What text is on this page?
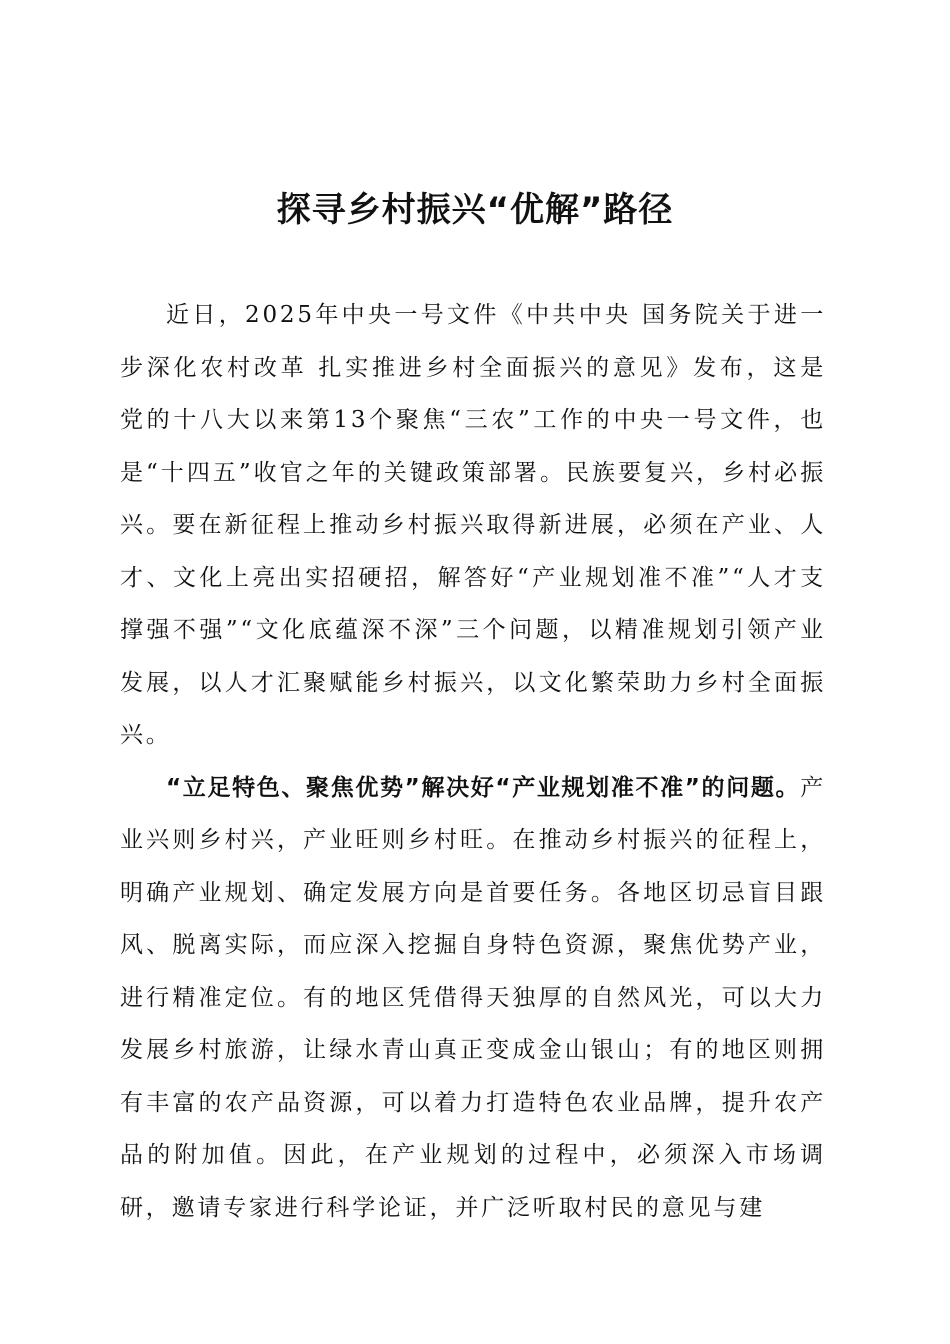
探寻乡村振兴“优解”路径

近日，2025年中央一号文件《中共中央 国务院关于进一步深化农村改革 扎实推进乡村全面振兴的意见》发布，这是党的十八大以来第13个聚焦“三农”工作的中央一号文件，也是“十四五”收官之年的关键政策部署。民族要复兴，乡村必振兴。要在新征程上推动乡村振兴取得新进展，必须在产业、人才、文化上亮出实招硬招，解答好“产业规划准不准”“人才支撑强不强”“文化底蕴深不深”三个问题，以精准规划引领产业发展，以人才汇聚赋能乡村振兴，以文化繁荣助力乡村全面振兴。

“立足特色、聚焦优势”解决好“产业规划准不准”的问题。产业兴则乡村兴，产业旺则乡村旺。在推动乡村振兴的征程上，明确产业规划、确定发展方向是首要任务。各地区切忌盲目跟风、脱离实际，而应深入挖掘自身特色资源，聚焦优势产业，进行精准定位。有的地区凭借得天独厚的自然风光，可以大力发展乡村旅游，让绿水青山真正变成金山银山；有的地区则拥有丰富的农产品资源，可以着力打造特色农业品牌，提升农产品的附加值。因此，在产业规划的过程中，必须深入市场调研，邀请专家进行科学论证，并广泛听取村民的意见与建
